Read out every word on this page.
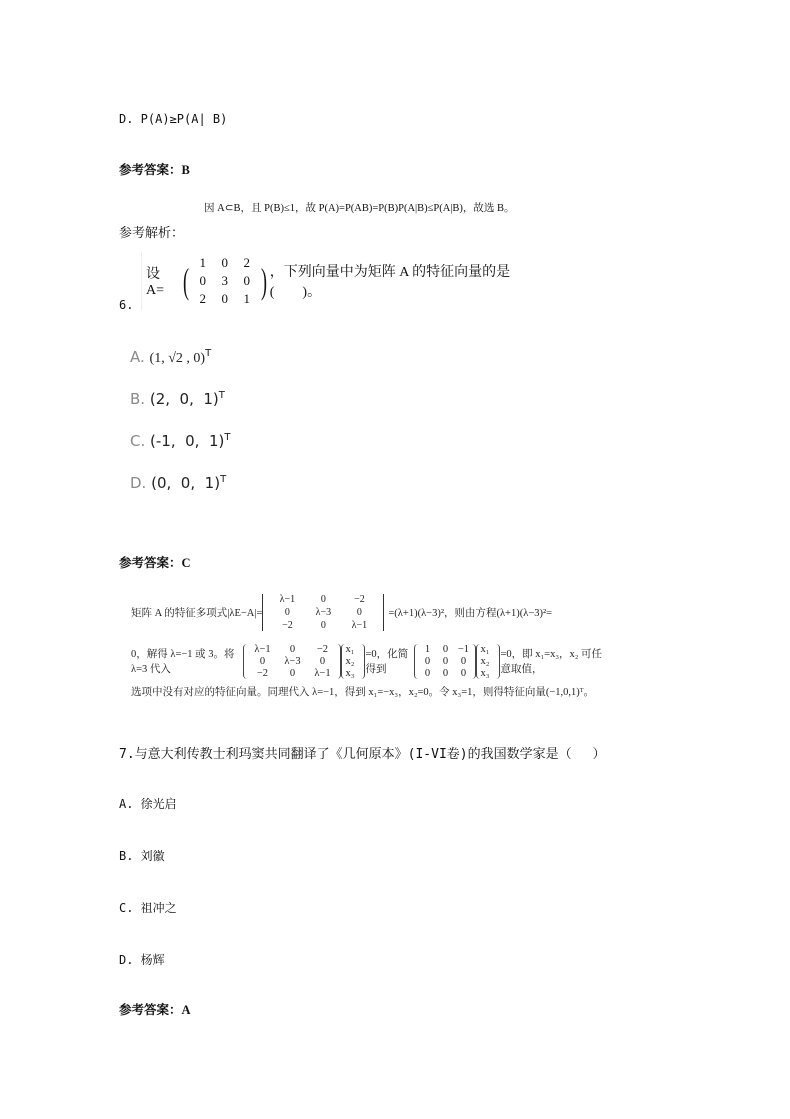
D. P(A)≥P(A| B)
参考答案：B
因 A⊂B，且 P(B)≤1，故 P(A)=P(AB)=P(B)P(A|B)≤P(A|B)，故选 B。
参考解析：
6.
设 A= ( 1	0	2
0	3	0
2	0	1 ) ，下列向量中为矩阵 A 的特征向量的是(　　)。
A. (1, √2 , 0)$^T$
B. (2,  0,  1)$^T$
C. (-1,  0,  1)$^T$
D. (0,  0,  1)$^T$
参考答案：C
矩阵 A 的特征多项式|λE−A|=
λ−1	0	−2
0	λ−3	0
−2	0	λ−1
=(λ+1)(λ−3)²，则由方程(λ+1)(λ−3)²=
0，解得 λ=−1 或 3。将 λ=3 代入
λ−1	0	−2
0	λ−3	0
−2	0	λ−1
x₁
x₂
x₃
=0，化简得到
1	0 −1
0	0	0
0	0	0
x₁
x₂
x₃
=0，即 x₁=x₃，x₂ 可任意取值，
选项中没有对应的特征向量。同理代入 λ=−1，得到 x₁=−x₃，x₂=0。令 x₃=1，则得特征向量(−1,0,1)ᵀ。
7.与意大利传教士利玛窦共同翻译了《几何原本》(I-VI卷)的我国数学家是（　 ）
A. 徐光启
B. 刘徽
C. 祖冲之
D. 杨辉
参考答案：A
